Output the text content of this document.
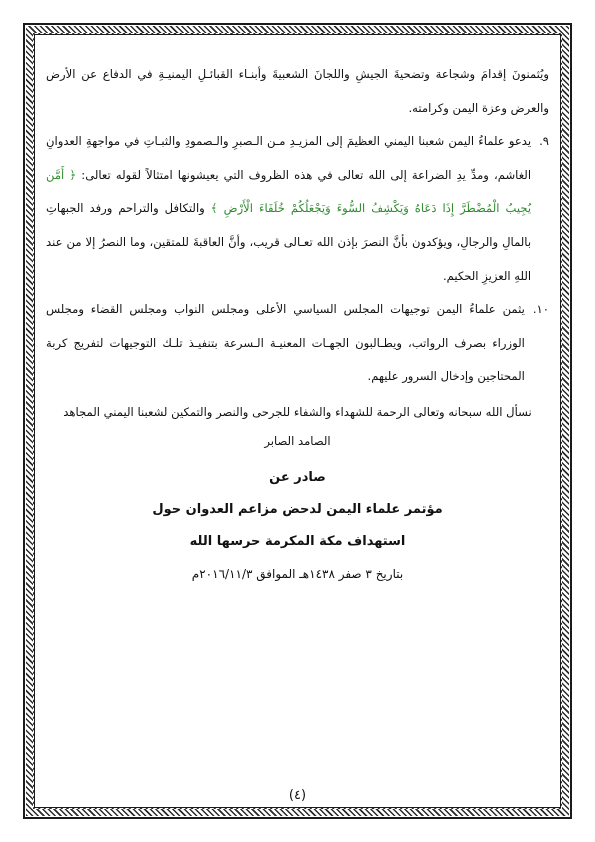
ويُثمنونَ إقدامَ وشجاعة وتضحيةَ الجيشِ واللجانَ الشعبيةَ وأبنـاء القبائـلِ اليمنيـةِ في الدفاع عن الأرض والعرض وعزة اليمن وكرامته.

٩.
يدعو علماءُ اليمن شعبنا اليمني العظيمَ إلى المزيـدِ مـن الـصبرِ والـصمودِ والثبـاتِ في مواجهةِ العدوانِ الغاشم، ومدِّ يدِ الضراعة إلى الله تعالى في هذه الظروف التي يعيشونها امتثالاً لقوله تعالى: ﴿ أَمَّن يُجِيبُ الْمُضْطَرَّ إِذَا دَعَاهُ وَيَكْشِفُ السُّوءَ وَيَجْعَلُكُمْ خُلَفَاءَ الْأَرْضِ ﴾ والتكافل والتراحم ورفد الجبهاتِ بالمالِ والرجالِ، ويؤكدون بأنَّ النصرَ بإذن الله تعـالى قريب، وأنَّ العاقبةَ للمتقين، وما النصرُ إلا من عند اللهِ العزيزِ الحكيم.
١٠.
يثمن علماءُ اليمن توجيهات المجلس السياسي الأعلى ومجلس النواب ومجلس القضاء ومجلس الوزراء بصرف الرواتب، ويطـالبون الجهـات المعنيـة الـسرعة بتنفيـذ تلـك التوجيهات لتفريج كربة المحتاجين وإدخال السرور عليهم.

نسأل الله سبحانه وتعالى الرحمة للشهداء والشفاء للجرحى والنصر والتمكين لشعبنا اليمني المجاهد الصامد الصابر

صادر عن
مؤتمر علماء اليمن لدحض مزاعم العدوان حول
استهداف مكة المكرمة حرسها الله
بتاريخ ٣ صفر ١٤٣٨هـ الموافق ٢٠١٦/١١/٣م
(٤)
